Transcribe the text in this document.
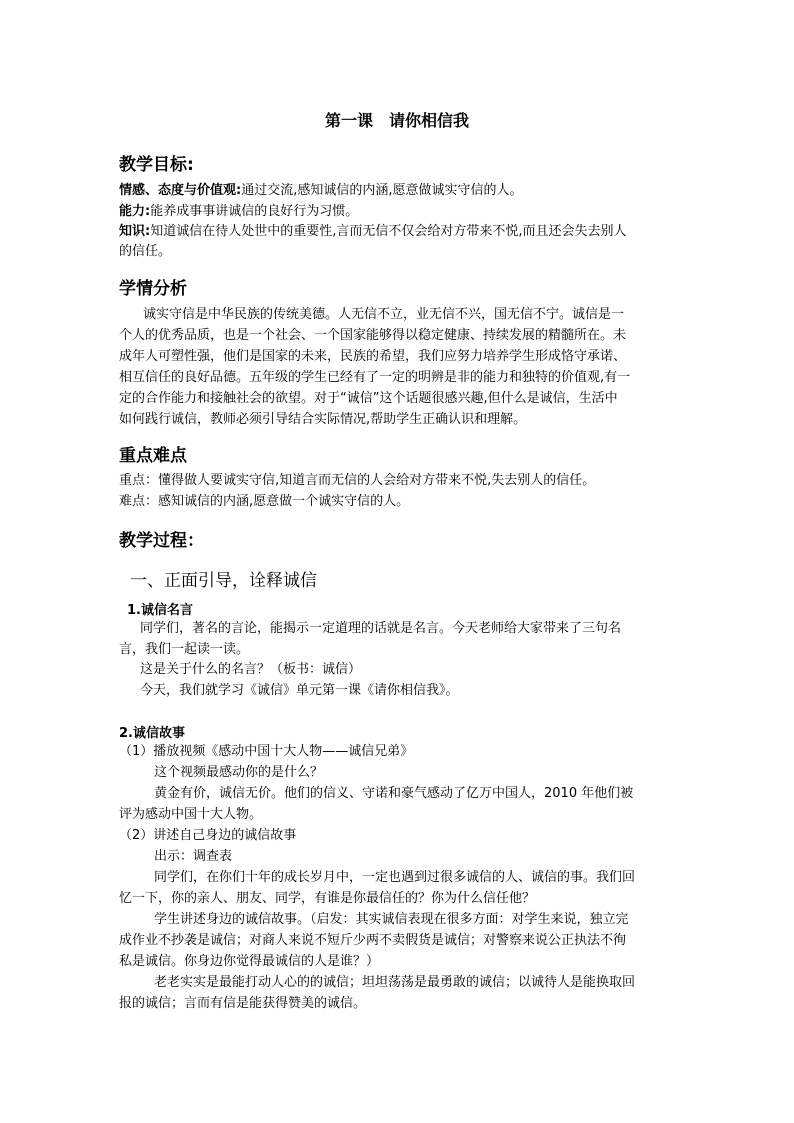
第一课　请你相信我
教学目标:
情感、态度与价值观:通过交流,感知诚信的内涵,愿意做诚实守信的人。
能力:能养成事事讲诚信的良好行为习惯。
知识:知道诚信在待人处世中的重要性,言而无信不仅会给对方带来不悦,而且还会失去别人
的信任。
学情分析
诚实守信是中华民族的传统美德。人无信不立，业无信不兴，国无信不宁。诚信是一
个人的优秀品质，也是一个社会、一个国家能够得以稳定健康、持续发展的精髓所在。未
成年人可塑性强，他们是国家的未来，民族的希望，我们应努力培养学生形成恪守承诺、
相互信任的良好品德。五年级的学生已经有了一定的明辨是非的能力和独特的价值观,有一
定的合作能力和接触社会的欲望。对于“诚信”这个话题很感兴趣,但什么是诚信，生活中
如何践行诚信，教师必须引导结合实际情况,帮助学生正确认识和理解。
重点难点
重点：懂得做人要诚实守信,知道言而无信的人会给对方带来不悦,失去别人的信任。
难点：感知诚信的内涵,愿意做一个诚实守信的人。
教学过程：
一、正面引导，诠释诚信
1.诚信名言
同学们，著名的言论，能揭示一定道理的话就是名言。今天老师给大家带来了三句名
言，我们一起读一读。
这是关于什么的名言？（板书：诚信）
今天，我们就学习《诚信》单元第一课《请你相信我》。
2.诚信故事
（1）播放视频《感动中国十大人物——诚信兄弟》
这个视频最感动你的是什么？
黄金有价，诚信无价。他们的信义、守诺和豪气感动了亿万中国人，2010 年他们被
评为感动中国十大人物。
（2）讲述自己身边的诚信故事
出示：调查表
同学们，在你们十年的成长岁月中，一定也遇到过很多诚信的人、诚信的事。我们回
忆一下，你的亲人、朋友、同学，有谁是你最信任的？你为什么信任他？
学生讲述身边的诚信故事。（启发：其实诚信表现在很多方面：对学生来说，独立完
成作业不抄袭是诚信；对商人来说不短斤少两不卖假货是诚信；对警察来说公正执法不徇
私是诚信。你身边你觉得最诚信的人是谁？）
老老实实是最能打动人心的的诚信；坦坦荡荡是最勇敢的诚信；以诚待人是能换取回
报的诚信；言而有信是能获得赞美的诚信。
